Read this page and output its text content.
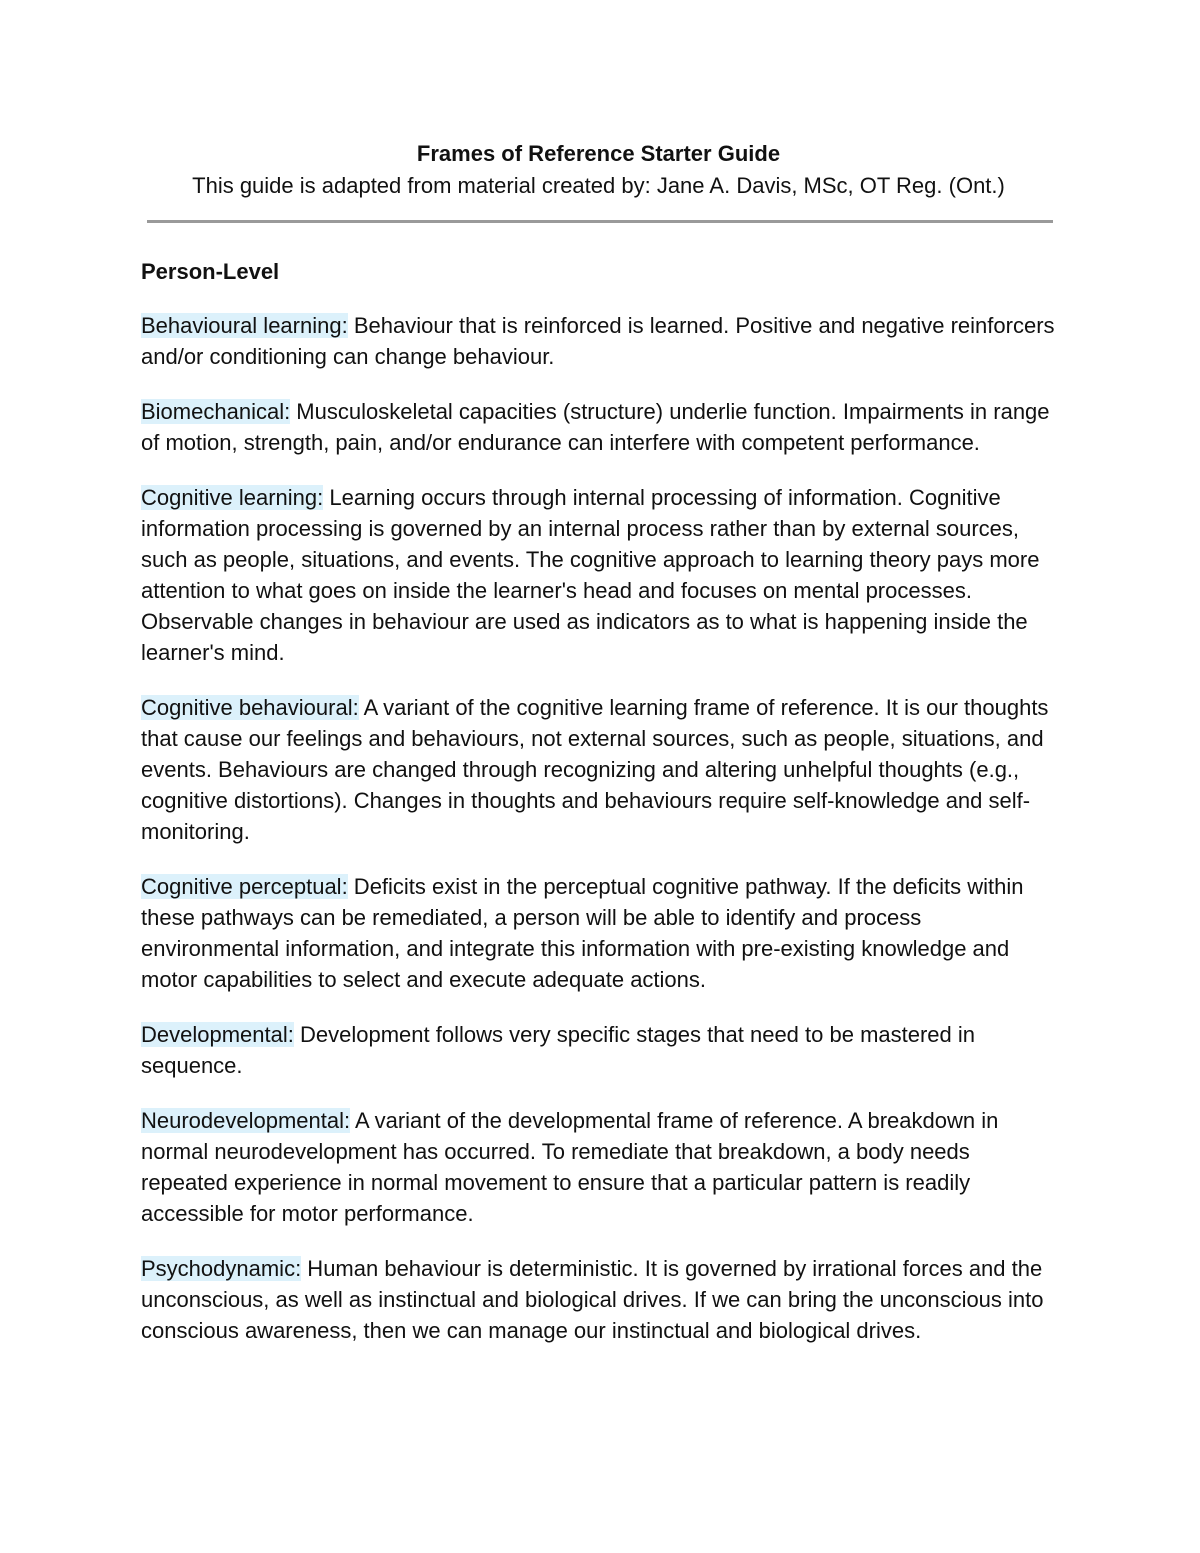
Frames of Reference Starter Guide

This guide is adapted from material created by: Jane A. Davis, MSc, OT Reg. (Ont.)

Person-Level

Behavioural learning: Behaviour that is reinforced is learned. Positive and negative reinforcers and/or conditioning can change behaviour.

Biomechanical: Musculoskeletal capacities (structure) underlie function. Impairments in range of motion, strength, pain, and/or endurance can interfere with competent performance.

Cognitive learning: Learning occurs through internal processing of information. Cognitive information processing is governed by an internal process rather than by external sources, such as people, situations, and events. The cognitive approach to learning theory pays more attention to what goes on inside the learner's head and focuses on mental processes. Observable changes in behaviour are used as indicators as to what is happening inside the learner's mind.

Cognitive behavioural: A variant of the cognitive learning frame of reference. It is our thoughts that cause our feelings and behaviours, not external sources, such as people, situations, and events. Behaviours are changed through recognizing and altering unhelpful thoughts (e.g., cognitive distortions). Changes in thoughts and behaviours require self-knowledge and self-monitoring.

Cognitive perceptual: Deficits exist in the perceptual cognitive pathway. If the deficits within these pathways can be remediated, a person will be able to identify and process environmental information, and integrate this information with pre-existing knowledge and motor capabilities to select and execute adequate actions.

Developmental: Development follows very specific stages that need to be mastered in sequence.

Neurodevelopmental: A variant of the developmental frame of reference. A breakdown in normal neurodevelopment has occurred. To remediate that breakdown, a body needs repeated experience in normal movement to ensure that a particular pattern is readily accessible for motor performance.

Psychodynamic: Human behaviour is deterministic. It is governed by irrational forces and the unconscious, as well as instinctual and biological drives. If we can bring the unconscious into conscious awareness, then we can manage our instinctual and biological drives.
